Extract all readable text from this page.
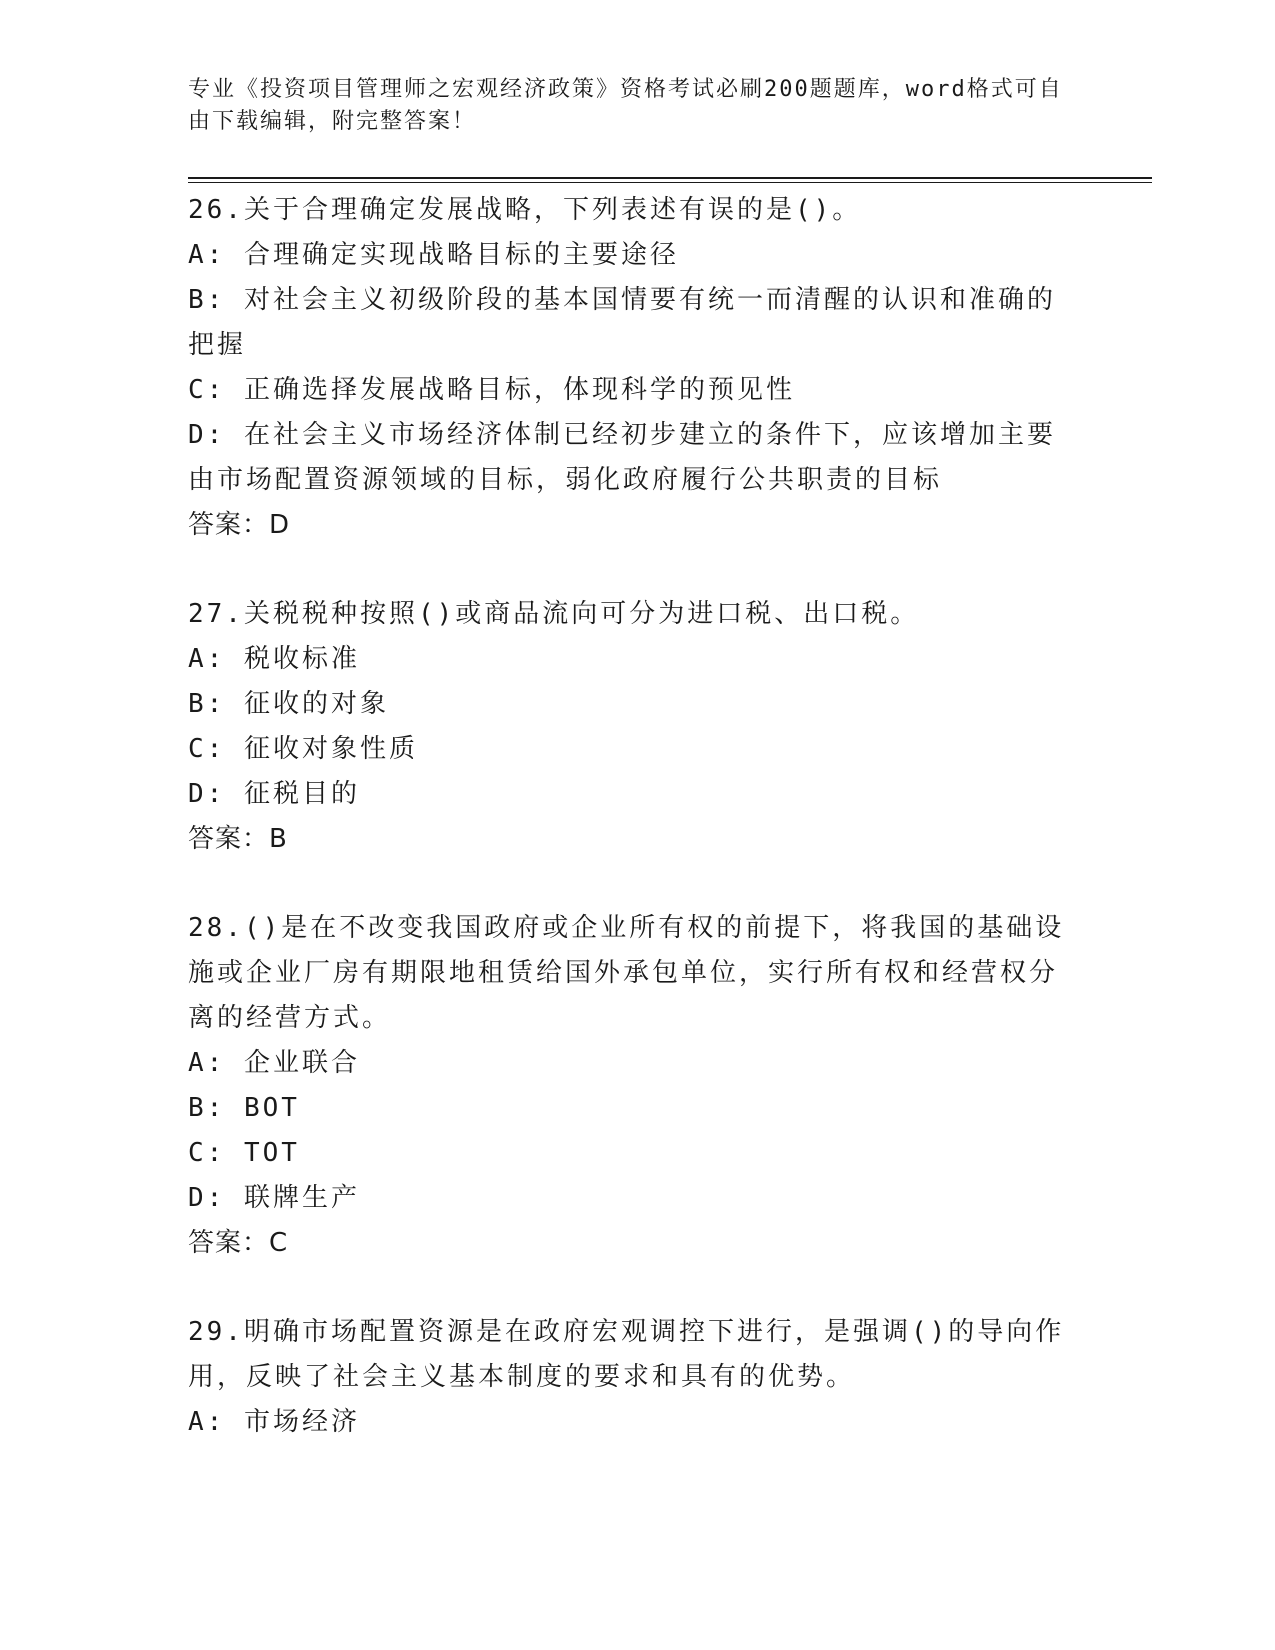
专业《投资项目管理师之宏观经济政策》资格考试必刷200题题库，word格式可自由下载编辑，附完整答案！
26.关于合理确定发展战略，下列表述有误的是()。
A: 合理确定实现战略目标的主要途径
B: 对社会主义初级阶段的基本国情要有统一而清醒的认识和准确的把握
C: 正确选择发展战略目标，体现科学的预见性
D: 在社会主义市场经济体制已经初步建立的条件下，应该增加主要由市场配置资源领域的目标，弱化政府履行公共职责的目标
答案：D
27.关税税种按照()或商品流向可分为进口税、出口税。
A: 税收标准
B: 征收的对象
C: 征收对象性质
D: 征税目的
答案：B
28.()是在不改变我国政府或企业所有权的前提下，将我国的基础设施或企业厂房有期限地租赁给国外承包单位，实行所有权和经营权分离的经营方式。
A: 企业联合
B: BOT
C: TOT
D: 联牌生产
答案：C
29.明确市场配置资源是在政府宏观调控下进行，是强调()的导向作用，反映了社会主义基本制度的要求和具有的优势。
A: 市场经济
